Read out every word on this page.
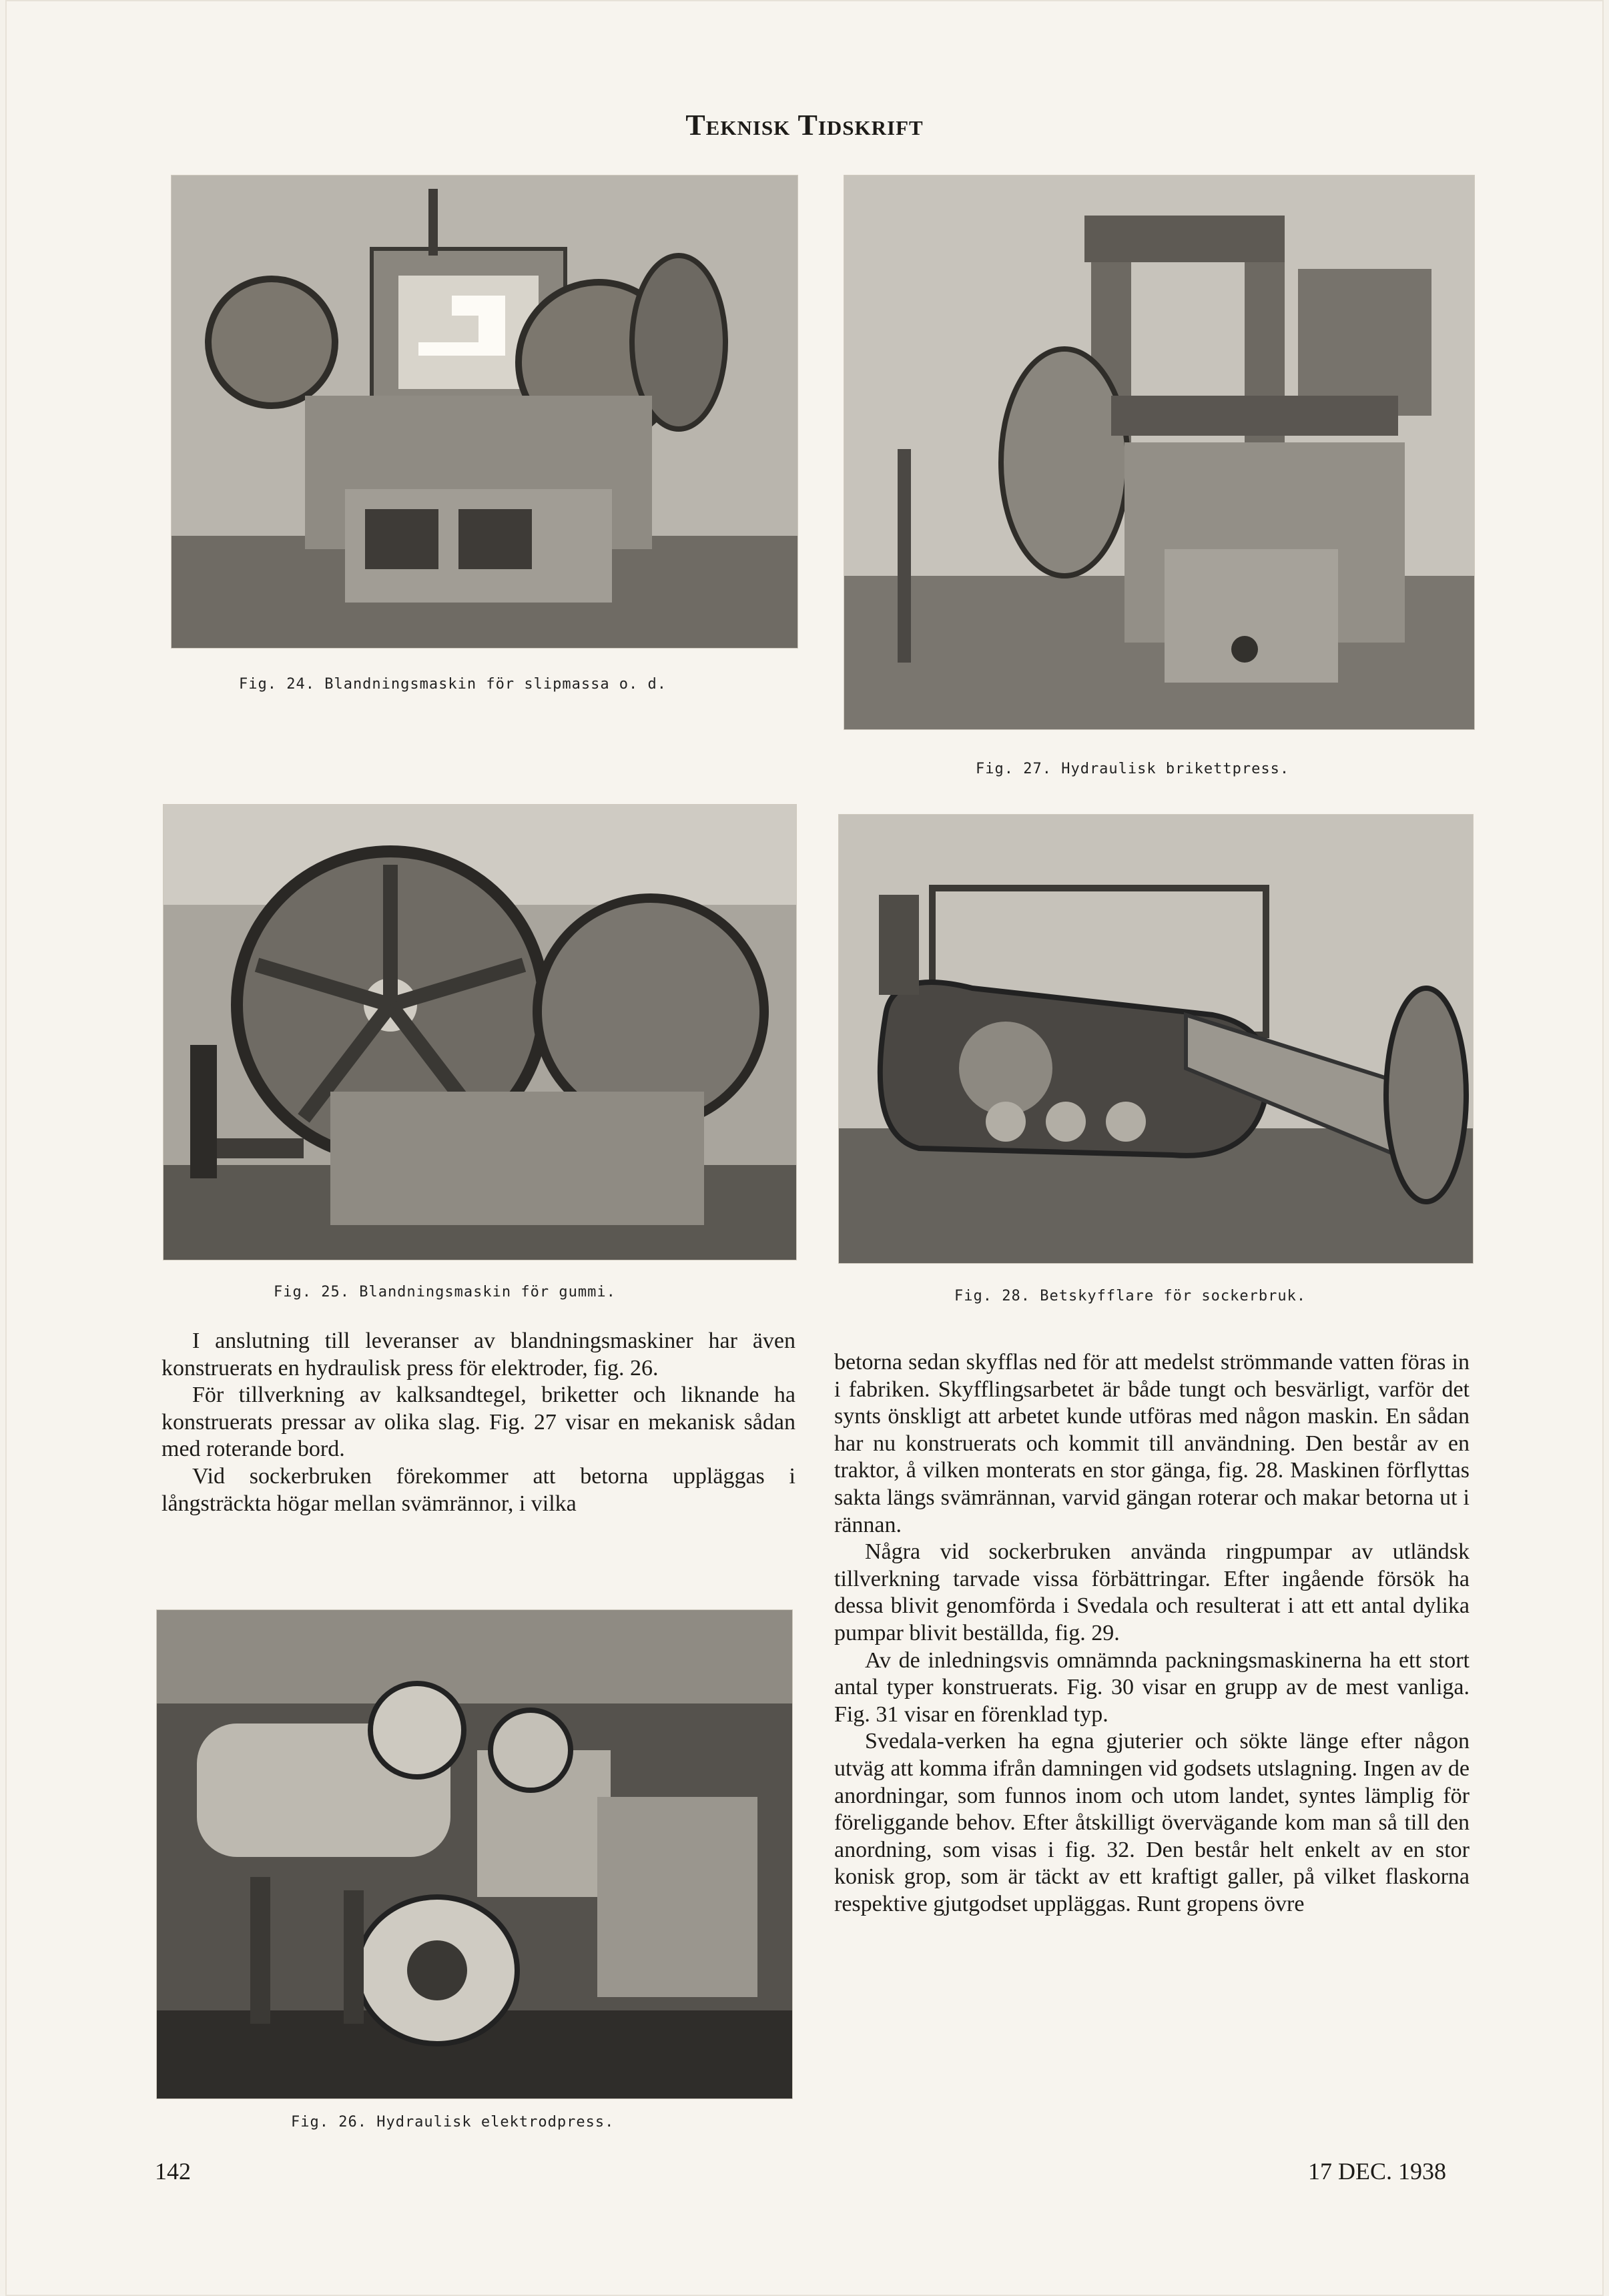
Teknisk Tidskrift
Fig. 24. Blandningsmaskin för slipmassa o. d.
Fig. 27. Hydraulisk brikettpress.
Fig. 25. Blandningsmaskin för gummi.	Fig. 28. Betskyfflare för sockerbruk.

I anslutning till leveranser av blandningsmaskiner har även konstruerats en hydraulisk press för elektroder, fig. 26.

För tillverkning av kalksandtegel, briketter och liknande ha konstruerats pressar av olika slag. Fig. 27 visar en mekanisk sådan med roterande bord.

Vid sockerbruken förekommer att betorna uppläggas i långsträckta högar mellan svämrännor, i vilka

Fig. 26. Hydraulisk elektrodpress.

betorna sedan skyfflas ned för att medelst strömmande vatten föras in i fabriken. Skyfflingsarbetet är både tungt och besvärligt, varför det synts önskligt att arbetet kunde utföras med någon maskin. En sådan har nu konstruerats och kommit till användning. Den består av en traktor, å vilken monterats en stor gänga, fig. 28. Maskinen förflyttas sakta längs svämrännan, varvid gängan roterar och makar betorna ut i rännan.

Några vid sockerbruken använda ringpumpar av utländsk tillverkning tarvade vissa förbättringar. Efter ingående försök ha dessa blivit genomförda i Svedala och resulterat i att ett antal dylika pumpar blivit beställda, fig. 29.

Av de inledningsvis omnämnda packningsmaskinerna ha ett stort antal typer konstruerats. Fig. 30 visar en grupp av de mest vanliga. Fig. 31 visar en förenklad typ.

Svedala-verken ha egna gjuterier och sökte länge efter någon utväg att komma ifrån damningen vid godsets utslagning. Ingen av de anordningar, som funnos inom och utom landet, syntes lämplig för föreliggande behov. Efter åtskilligt övervägande kom man så till den anordning, som visas i fig. 32. Den består helt enkelt av en stor konisk grop, som är täckt av ett kraftigt galler, på vilket flaskorna respektive gjutgodset uppläggas. Runt gropens övre

142	17 DEC. 1938
